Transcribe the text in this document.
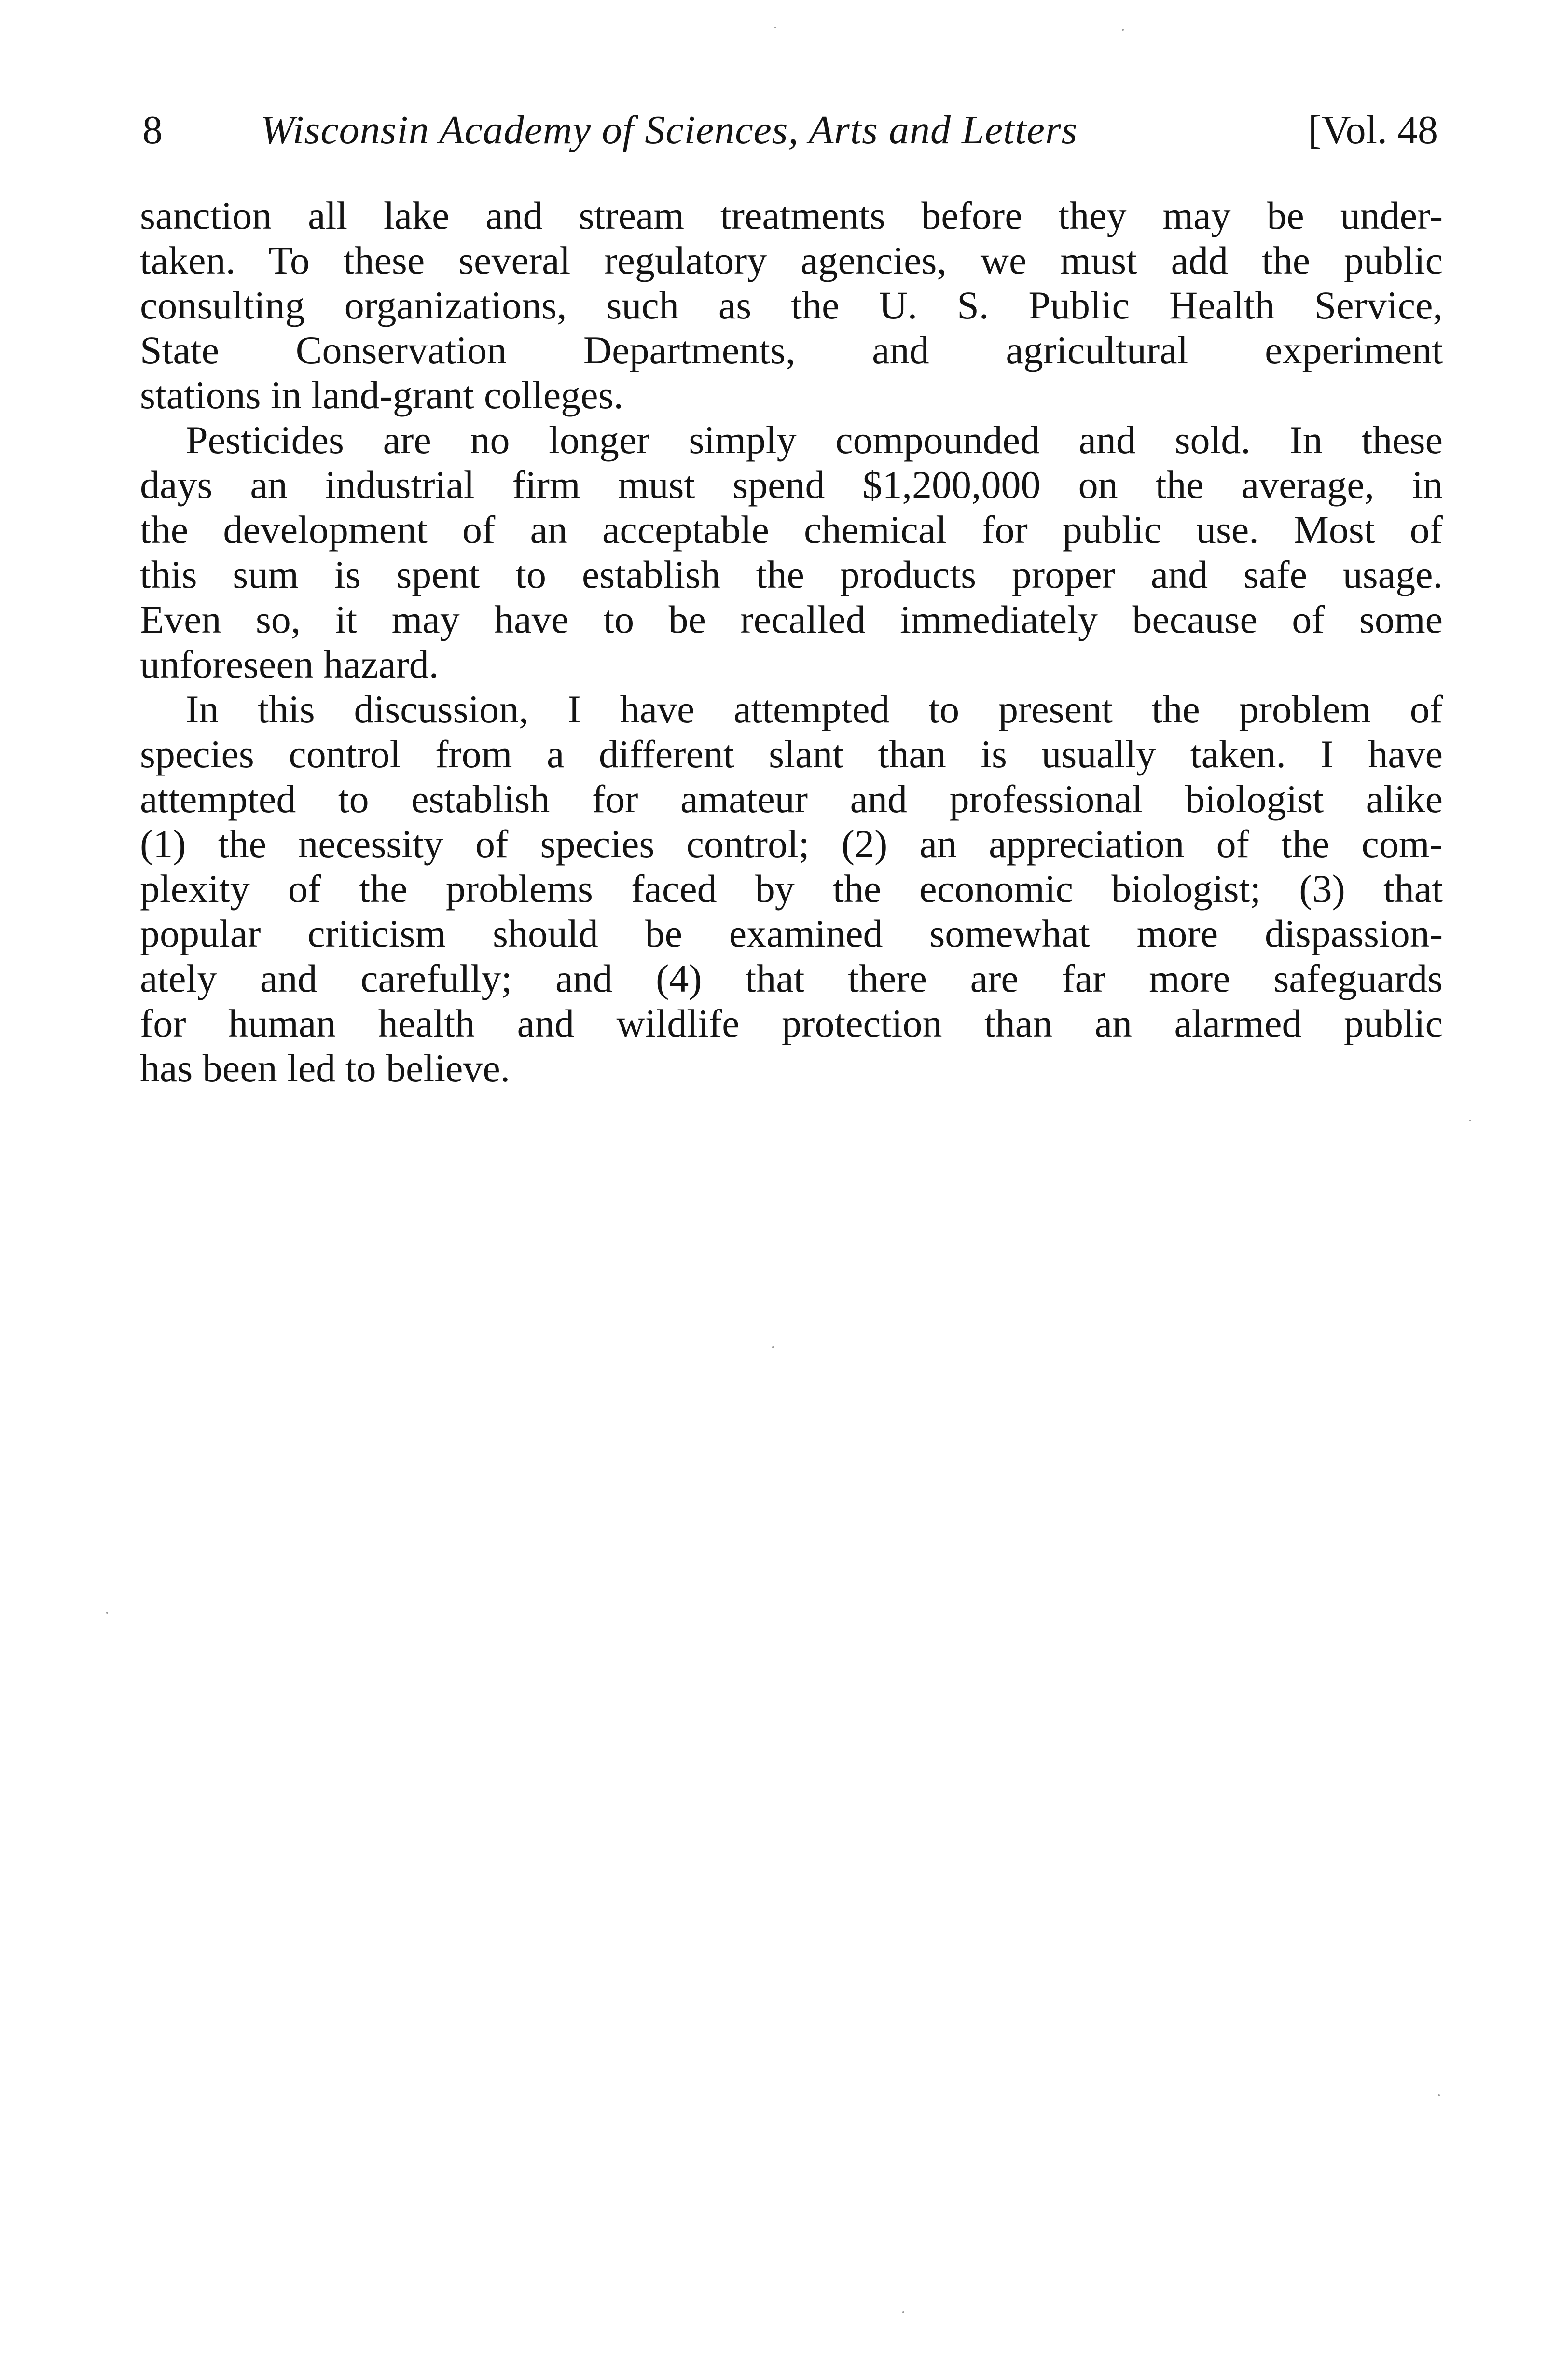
8 Wisconsin Academy of Sciences, Arts and Letters	[Vol. 48
sanction all lake and stream treatments before they may be under-
taken. To these several regulatory agencies, we must add the public
consulting organizations, such as the U. S. Public Health Service,
State Conservation Departments, and agricultural experiment
stations in land-grant colleges.
Pesticides are no longer simply compounded and sold. In these
days an industrial firm must spend $1,200,000 on the average, in
the development of an acceptable chemical for public use. Most of
this sum is spent to establish the products proper and safe usage.
Even so, it may have to be recalled immediately because of some
unforeseen hazard.
In this discussion, I have attempted to present the problem of
species control from a different slant than is usually taken. I have
attempted to establish for amateur and professional biologist alike
(1) the necessity of species control; (2) an appreciation of the com-
plexity of the problems faced by the economic biologist; (3) that
popular criticism should be examined somewhat more dispassion-
ately and carefully; and (4) that there are far more safeguards
for human health and wildlife protection than an alarmed public
has been led to believe.
